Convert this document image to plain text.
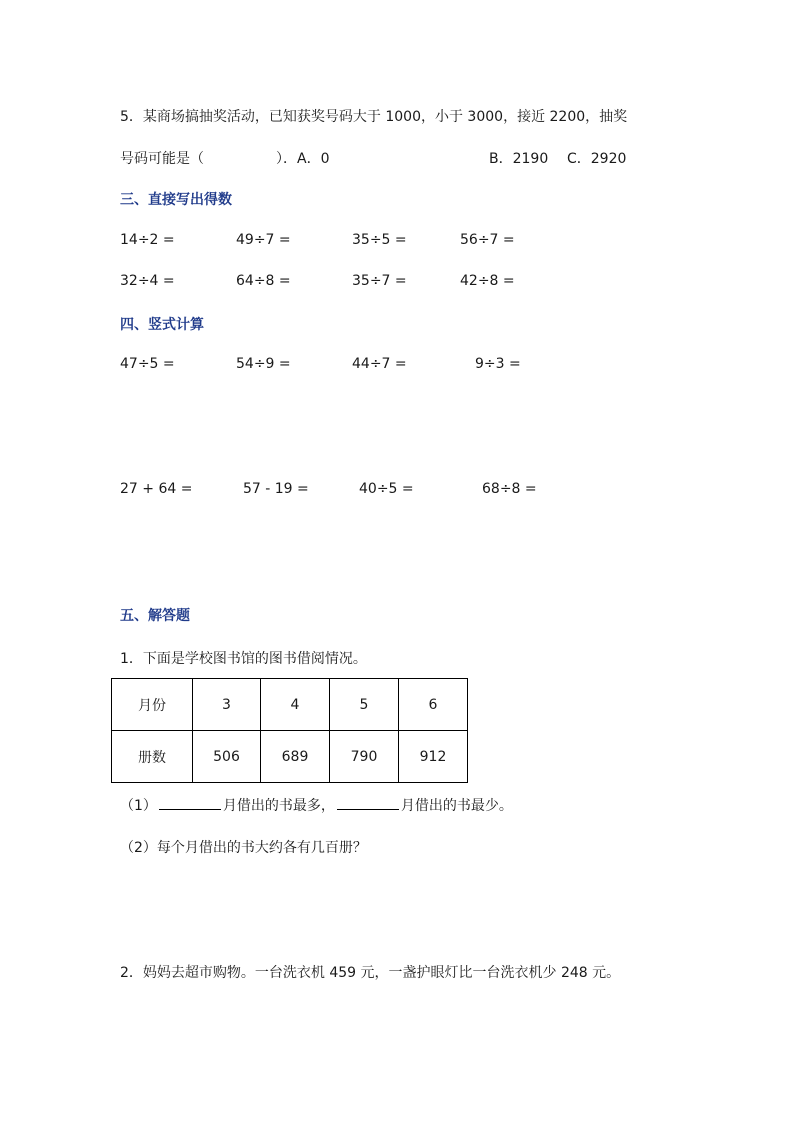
5．某商场搞抽奖活动，已知获奖号码大于 1000，小于 3000，接近 2200，抽奖
号码可能是（	）．A．0	B．2190 C．2920
三、直接写出得数
14÷2 =	49÷7 =	35÷5 =	56÷7 =
32÷4 =	64÷8 =	35÷7 =	42÷8 =
四、竖式计算
47÷5 =	54÷9 =	44÷7 =	9÷3 =
27 + 64 =	57 - 19 =	40÷5 =	68÷8 =
五、解答题
1．下面是学校图书馆的图书借阅情况。
月份	3	4	5	6
册数	506	689	790	912
（1）	月借出的书最多，	月借出的书最少。
（2）每个月借出的书大约各有几百册？
2．妈妈去超市购物。一台洗衣机 459 元，一盏护眼灯比一台洗衣机少 248 元。
